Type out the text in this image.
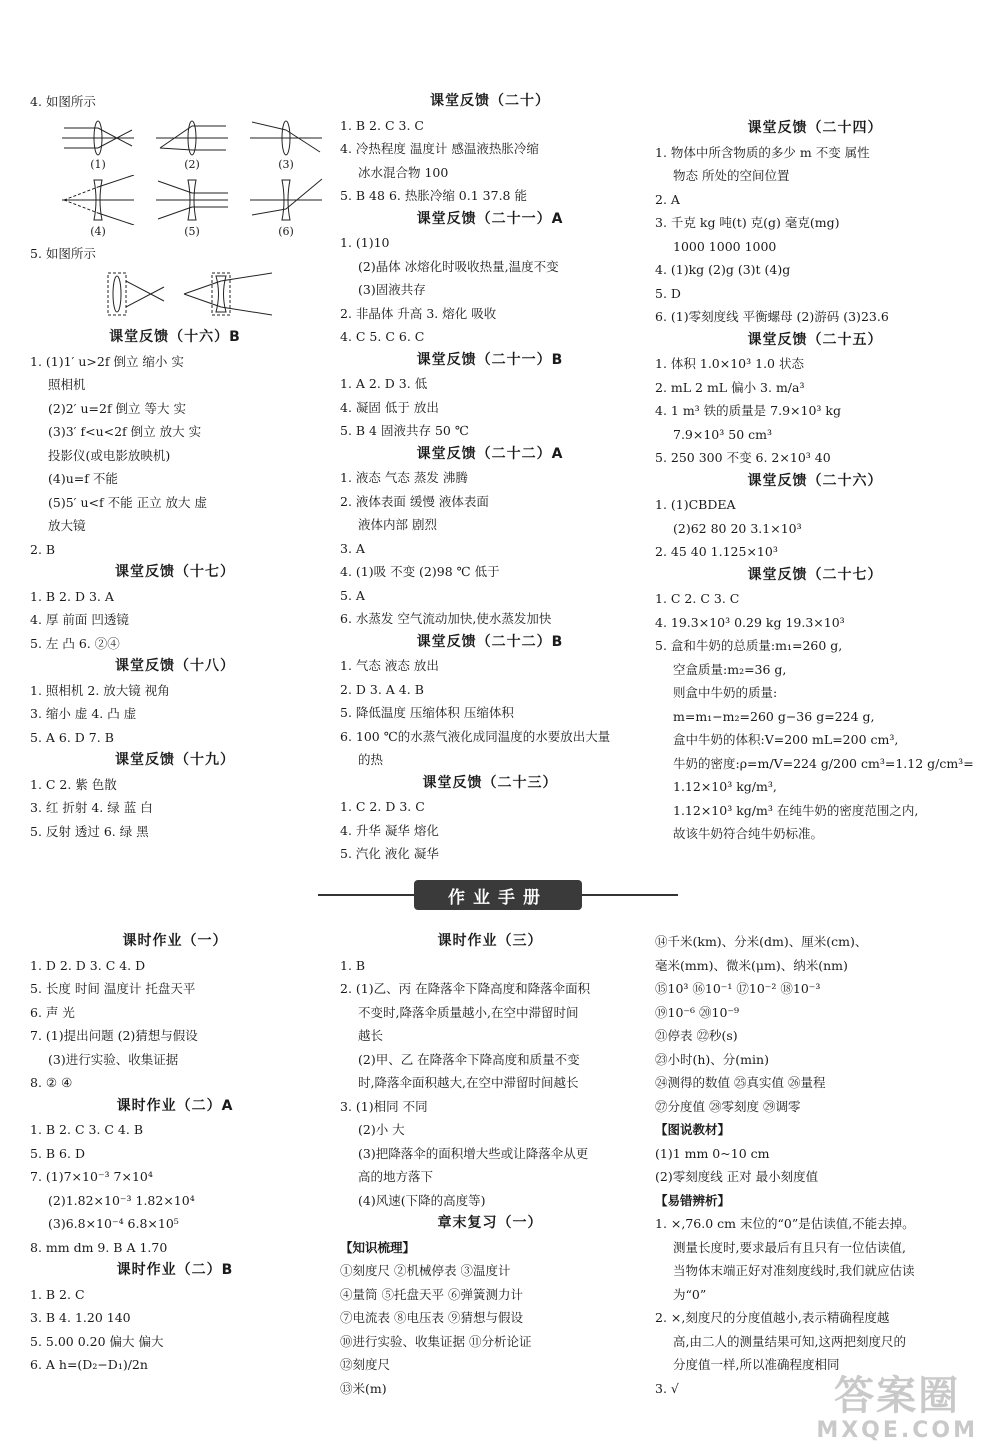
4. 如图所示
(1)	(2)	(3)
(4)	(5)	(6)
5. 如图所示
课堂反馈（十六）B
1. (1)1′ u>2f 倒立 缩小 实
照相机
(2)2′ u=2f 倒立 等大 实
(3)3′ f<u<2f 倒立 放大 实
投影仪(或电影放映机)
(4)u=f 不能
(5)5′ u<f 不能 正立 放大 虚
放大镜
2. B
课堂反馈（十七）
1. B 2. D 3. A
4. 厚 前面 凹透镜
5. 左 凸 6. ②④
课堂反馈（十八）
1. 照相机 2. 放大镜 视角
3. 缩小 虚 4. 凸 虚
5. A 6. D 7. B
课堂反馈（十九）
1. C 2. 紫 色散
3. 红 折射 4. 绿 蓝 白
5. 反射 透过 6. 绿 黑
课堂反馈（二十）
1. B 2. C 3. C
4. 冷热程度 温度计 感温液热胀冷缩
冰水混合物 100
5. B 48 6. 热胀冷缩 0.1 37.8 能
课堂反馈（二十一）A
1. (1)10
(2)晶体 冰熔化时吸收热量,温度不变
(3)固液共存
2. 非晶体 升高 3. 熔化 吸收
4. C 5. C 6. C
课堂反馈（二十一）B
1. A 2. D 3. 低
4. 凝固 低于 放出
5. B 4 固液共存 50 ℃
课堂反馈（二十二）A
1. 液态 气态 蒸发 沸腾
2. 液体表面 缓慢 液体表面
液体内部 剧烈
3. A
4. (1)吸 不变 (2)98 ℃ 低于
5. A
6. 水蒸发 空气流动加快,使水蒸发加快
课堂反馈（二十二）B
1. 气态 液态 放出
2. D 3. A 4. B
5. 降低温度 压缩体积 压缩体积
6. 100 ℃的水蒸气液化成同温度的水要放出大量
的热
课堂反馈（二十三）
1. C 2. D 3. C
4. 升华 凝华 熔化
5. 汽化 液化 凝华
课堂反馈（二十四）
1. 物体中所含物质的多少 m 不变 属性
物态 所处的空间位置
2. A
3. 千克 kg 吨(t) 克(g) 毫克(mg)
1000 1000 1000
4. (1)kg (2)g (3)t (4)g
5. D
6. (1)零刻度线 平衡螺母 (2)游码 (3)23.6
课堂反馈（二十五）
1. 体积 1.0×10³ 1.0 状态
2. mL 2 mL 偏小 3. m/a³
4. 1 m³ 铁的质量是 7.9×10³ kg
7.9×10³ 50 cm³
5. 250 300 不变 6. 2×10³ 40
课堂反馈（二十六）
1. (1)CBDEA
(2)62 80 20 3.1×10³
2. 45 40 1.125×10³
课堂反馈（二十七）
1. C 2. C 3. C
4. 19.3×10³ 0.29 kg 19.3×10³
5. 盒和牛奶的总质量:m₁=260 g,
空盒质量:m₂=36 g,
则盒中牛奶的质量:
m=m₁−m₂=260 g−36 g=224 g,
盒中牛奶的体积:V=200 mL=200 cm³,
牛奶的密度:ρ=m/V=224 g/200 cm³=1.12 g/cm³=
1.12×10³ kg/m³,
1.12×10³ kg/m³ 在纯牛奶的密度范围之内,
故该牛奶符合纯牛奶标准。
作业手册
课时作业（一）
1. D 2. D 3. C 4. D
5. 长度 时间 温度计 托盘天平
6. 声 光
7. (1)提出问题 (2)猜想与假设
(3)进行实验、收集证据
8. ② ④
课时作业（二）A
1. B 2. C 3. C 4. B
5. B 6. D
7. (1)7×10⁻³ 7×10⁴
(2)1.82×10⁻³ 1.82×10⁴
(3)6.8×10⁻⁴ 6.8×10⁵
8. mm dm 9. B A 1.70
课时作业（二）B
1. B 2. C
3. B 4. 1.20 140
5. 5.00 0.20 偏大 偏大
6. A h=(D₂−D₁)/2n
课时作业（三）
1. B
2. (1)乙、丙 在降落伞下降高度和降落伞面积
不变时,降落伞质量越小,在空中滞留时间
越长
(2)甲、乙 在降落伞下降高度和质量不变
时,降落伞面积越大,在空中滞留时间越长
3. (1)相同 不同
(2)小 大
(3)把降落伞的面积增大些或让降落伞从更
高的地方落下
(4)风速(下降的高度等)
章末复习（一）
【知识梳理】
①刻度尺 ②机械停表 ③温度计
④量筒 ⑤托盘天平 ⑥弹簧测力计
⑦电流表 ⑧电压表 ⑨猜想与假设
⑩进行实验、收集证据 ⑪分析论证
⑫刻度尺
⑬米(m)
⑭千米(km)、分米(dm)、厘米(cm)、
毫米(mm)、微米(μm)、纳米(nm)
⑮10³ ⑯10⁻¹ ⑰10⁻² ⑱10⁻³
⑲10⁻⁶ ⑳10⁻⁹
㉑停表 ㉒秒(s)
㉓小时(h)、分(min)
㉔测得的数值 ㉕真实值 ㉖量程
㉗分度值 ㉘零刻度 ㉙调零
【图说教材】
(1)1 mm 0~10 cm
(2)零刻度线 正对 最小刻度值
【易错辨析】
1. ×,76.0 cm 末位的“0”是估读值,不能去掉。
测量长度时,要求最后有且只有一位估读值,
当物体末端正好对准刻度线时,我们就应估读
为“0”
2. ×,刻度尺的分度值越小,表示精确程度越
高,由二人的测量结果可知,这两把刻度尺的
分度值一样,所以准确程度相同
3. √	答案圈
MXQE.COM
